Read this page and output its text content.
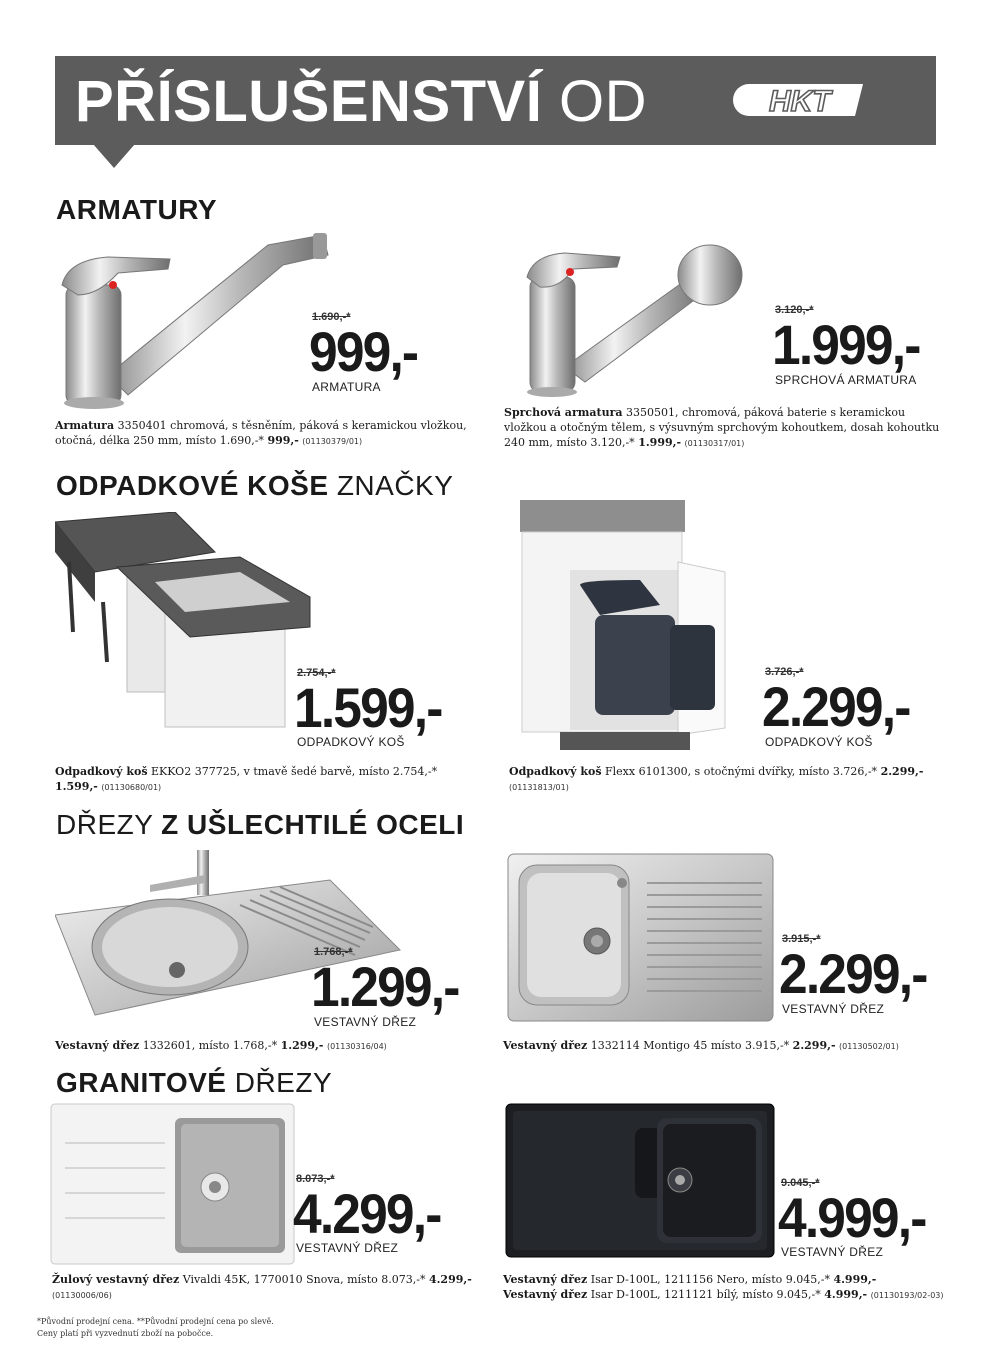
PŘÍSLUŠENSTVÍ OD	HKT
ARMATURY
ODPADKOVÉ KOŠE ZNAČKY
DŘEZY Z UŠLECHTILÉ OCELI
GRANITOVÉ DŘEZY
1.690,-*
999,-
ARMATURA
Armatura 3350401 chromová, s těsněním, páková s keramickou vložkou, otočná, délka 250 mm, místo 1.690,-* 999,- (01130379/01)
3.120,-*
1.999,-
SPRCHOVÁ ARMATURA
Sprchová armatura 3350501, chromová, páková baterie s keramickou vložkou a otočným tělem, s výsuvným sprchovým kohoutkem, dosah kohoutku 240 mm, místo 3.120,-* 1.999,- (01130317/01)
2.754,-*
1.599,-
ODPADKOVÝ KOŠ
Odpadkový koš EKKO2 377725, v tmavě šedé barvě, místo 2.754,-* 1.599,- (01130680/01)
3.726,-*
2.299,-
ODPADKOVÝ KOŠ
Odpadkový koš Flexx 6101300, s otočnými dvířky, místo 3.726,-* 2.299,- (01131813/01)
1.768,-*
1.299,-
VESTAVNÝ DŘEZ
Vestavný dřez 1332601, místo 1.768,-* 1.299,- (01130316/04)
3.915,-*
2.299,-
VESTAVNÝ DŘEZ
Vestavný dřez 1332114 Montigo 45 místo 3.915,-* 2.299,- (01130502/01)
8.073,-*
4.299,-
VESTAVNÝ DŘEZ
Žulový vestavný dřez Vivaldi 45K, 1770010 Snova, místo 8.073,-* 4.299,-
(01130006/06)
9.045,-*
4.999,-
VESTAVNÝ DŘEZ
Vestavný dřez Isar D-100L, 1211156 Nero, místo 9.045,-* 4.999,-
Vestavný dřez Isar D-100L, 1211121 bílý, místo 9.045,-* 4.999,- (01130193/02-03)
*Původní prodejní cena. **Původní prodejní cena po slevě.
Ceny platí při vyzvednutí zboží na pobočce.
